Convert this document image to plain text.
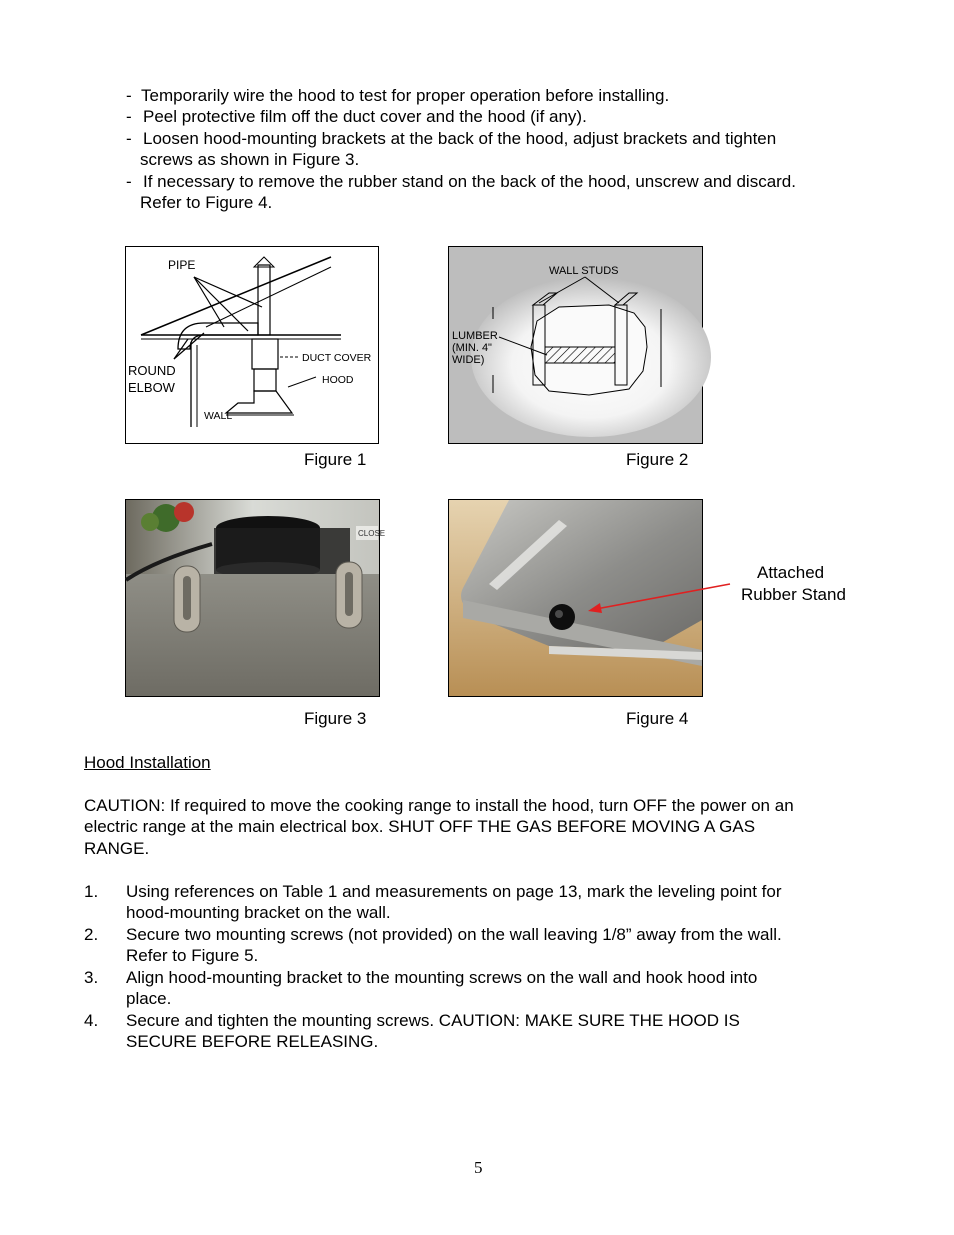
- Temporarily wire the hood to test for proper operation before installing.
- Peel protective film off the duct cover and the hood (if any).
- Loosen hood-mounting brackets at the back of the hood, adjust brackets and tighten
screws as shown in Figure 3.
- If necessary to remove the rubber stand on the back of the hood, unscrew and discard.
Refer to Figure 4.
PIPE
ROUND
ELBOW
DUCT COVER
HOOD
WALL
Figure 1
WALL STUDS
LUMBER
(MIN. 4"
WIDE)
Figure 2
CLOSE
Figure 3	Figure 4
Attached
Rubber Stand
Hood Installation
CAUTION: If required to move the cooking range to install the hood, turn OFF the power on an
electric range at the main electrical box. SHUT OFF THE GAS BEFORE MOVING A GAS
RANGE.
1. Using references on Table 1 and measurements on page 13, mark the leveling point for
hood-mounting bracket on the wall.
2. Secure two mounting screws (not provided) on the wall leaving 1/8” away from the wall.
Refer to Figure 5.
3. Align hood-mounting bracket to the mounting screws on the wall and hook hood into
place.
4. Secure and tighten the mounting screws. CAUTION: MAKE SURE THE HOOD IS
SECURE BEFORE RELEASING.
5
